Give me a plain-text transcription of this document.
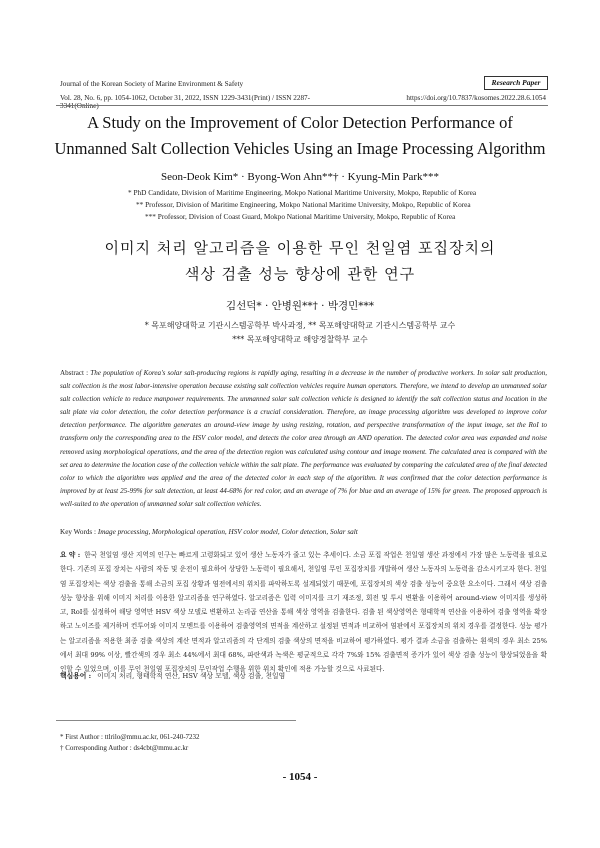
Journal of the Korean Society of Marine Environment & Safety	Research Paper
Vol. 28, No. 6, pp. 1054-1062, October 31, 2022, ISSN 1229-3431(Print) / ISSN 2287-3341(Online)
https://doi.org/10.7837/kosomes.2022.28.6.1054
A Study on the Improvement of Color Detection Performance of
Unmanned Salt Collection Vehicles Using an Image Processing Algorithm
Seon-Deok Kim* · Byong-Won Ahn**† · Kyung-Min Park***
* PhD Candidate, Division of Maritime Engineering, Mokpo National Maritime University, Mokpo, Republic of Korea
** Professor, Division of Maritime Engineering, Mokpo National Maritime University, Mokpo, Republic of Korea
*** Professor, Division of Coast Guard, Mokpo National Maritime University, Mokpo, Republic of Korea
이미지 처리 알고리즘을 이용한 무인 천일염 포집장치의
색상 검출 성능 향상에 관한 연구
김선덕* · 안병원**† · 박경민***
* 목포해양대학교 기관시스템공학부 박사과정, ** 목포해양대학교 기관시스템공학부 교수
*** 목포해양대학교 해양경찰학부 교수
Abstract : The population of Korea's solar salt-producing regions is rapidly aging, resulting in a decrease in the number of productive workers. In solar salt production, salt collection is the most labor-intensive operation because existing salt collection vehicles require human operators. Therefore, we intend to develop an unmanned solar salt collection vehicle to reduce manpower requirements. The unmanned solar salt collection vehicle is designed to identify the salt collection status and location in the salt plate via color detection, the color detection performance is a crucial consideration. Therefore, an image processing algorithm was developed to improve color detection performance. The algorithm generates an around-view image by using resizing, rotation, and perspective transformation of the input image, set the RoI to transform only the corresponding area to the HSV color model, and detects the color area through an AND operation. The detected color area was expanded and noise removed using morphological operations, and the area of the detection region was calculated using contour and image moment. The calculated area is compared with the set area to determine the location case of the collection vehicle within the salt plate. The performance was evaluated by comparing the calculated area of the final detected color to which the algorithm was applied and the area of the detected color in each step of the algorithm. It was confirmed that the color detection performance is improved by at least 25-99% for salt detection, at least 44-68% for red color, and an average of 7% for blue and an average of 15% for green. The proposed approach is well-suited to the operation of unmanned solar salt collection vehicles.
Key Words : Image processing, Morphological operation, HSV color model, Color detection, Solar salt
요 약 : 한국 천일염 생산 지역의 인구는 빠르게 고령화되고 있어 생산 노동자가 줄고 있는 추세이다. 소금 포집 작업은 천일염 생산 과정에서 가장 많은 노동력을 필요로 한다. 기존의 포집 장치는 사람의 작동 및 운전이 필요하여 상당한 노동력이 필요해서, 천일염 무인 포집장치를 개발하여 생산 노동자의 노동력을 감소시키고자 한다. 천일염 포집장치는 색상 검출을 통해 소금의 포집 상황과 염전에서의 위치를 파악하도록 설계되었기 때문에, 포집장치의 색상 검출 성능이 중요한 요소이다. 그래서 색상 검출 성능 향상을 위해 이미지 처리를 이용한 알고리즘을 연구하였다. 알고리즘은 입력 이미지를 크기 재조정, 회전 및 투시 변환을 이용하여 around-view 이미지를 생성하고, RoI를 설정하여 해당 영역만 HSV 색상 모델로 변환하고 논리곱 연산을 통해 색상 영역을 검출한다. 검출 된 색상영역은 형태학적 연산을 이용하여 검출 영역을 확장하고 노이즈를 제거하며 컨투어와 이미지 모멘트를 이용하여 검출영역의 면적을 계산하고 설정된 면적과 비교하여 염판에서 포집장치의 위치 경우를 결정한다. 성능 평가는 알고리즘을 적용한 최종 검출 색상의 계산 면적과 알고리즘의 각 단계의 검출 색상의 면적을 비교하여 평가하였다. 평가 결과 소금을 검출하는 흰색의 경우 최소 25%에서 최대 99% 이상, 빨간색의 경우 최소 44%에서 최대 68%, 파란색과 녹색은 평균적으로 각각 7%와 15% 검출면적 증가가 있어 색상 검출 성능이 향상되었음을 확인할 수 있었으며, 이를 무인 천일염 포집장치의 무인작업 수행을 위한 위치 확인에 적용 가능할 것으로 사료된다.
핵심용어 : 이미지 처리, 형태학적 연산, HSV 색상 모델, 색상 검출, 천일염
* First Author : ttlrilo@mmu.ac.kr, 061-240-7232
† Corresponding Author : ds4cbt@mmu.ac.kr
- 1054 -
